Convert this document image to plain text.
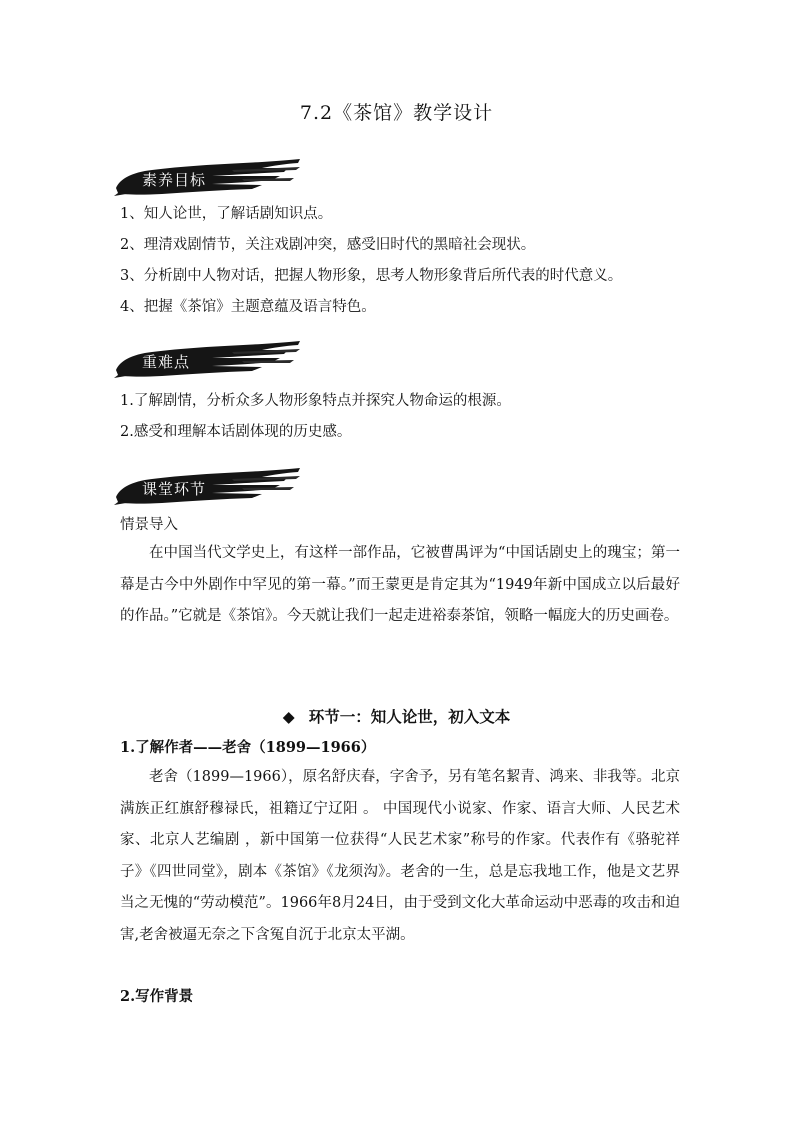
7.2《茶馆》教学设计
素养目标
1、知人论世，了解话剧知识点。
2、理清戏剧情节，关注戏剧冲突，感受旧时代的黑暗社会现状。
3、分析剧中人物对话，把握人物形象，思考人物形象背后所代表的时代意义。
4、把握《茶馆》主题意蕴及语言特色。
重难点
1.了解剧情，分析众多人物形象特点并探究人物命运的根源。
2.感受和理解本话剧体现的历史感。
课堂环节
情景导入
在中国当代文学史上，有这样一部作品，它被曹禺评为“中国话剧史上的瑰宝；第一幕是古今中外剧作中罕见的第一幕。”而王蒙更是肯定其为“1949年新中国成立以后最好的作品。”它就是《茶馆》。今天就让我们一起走进裕泰茶馆，领略一幅庞大的历史画卷。
◆ 环节一：知人论世，初入文本
1.了解作者——老舍（1899—1966）
老舍（1899—1966），原名舒庆春，字舍予，另有笔名絜青、鸿来、非我等。北京满族正红旗舒穆禄氏，祖籍辽宁辽阳 。 中国现代小说家、作家、语言大师、人民艺术家、北京人艺编剧 ，新中国第一位获得“人民艺术家”称号的作家。代表作有《骆驼祥子》《四世同堂》，剧本《茶馆》《龙须沟》。老舍的一生，总是忘我地工作，他是文艺界当之无愧的“劳动模范”。1966年8月24日，由于受到文化大革命运动中恶毒的攻击和迫害,老舍被逼无奈之下含冤自沉于北京太平湖。
2.写作背景
